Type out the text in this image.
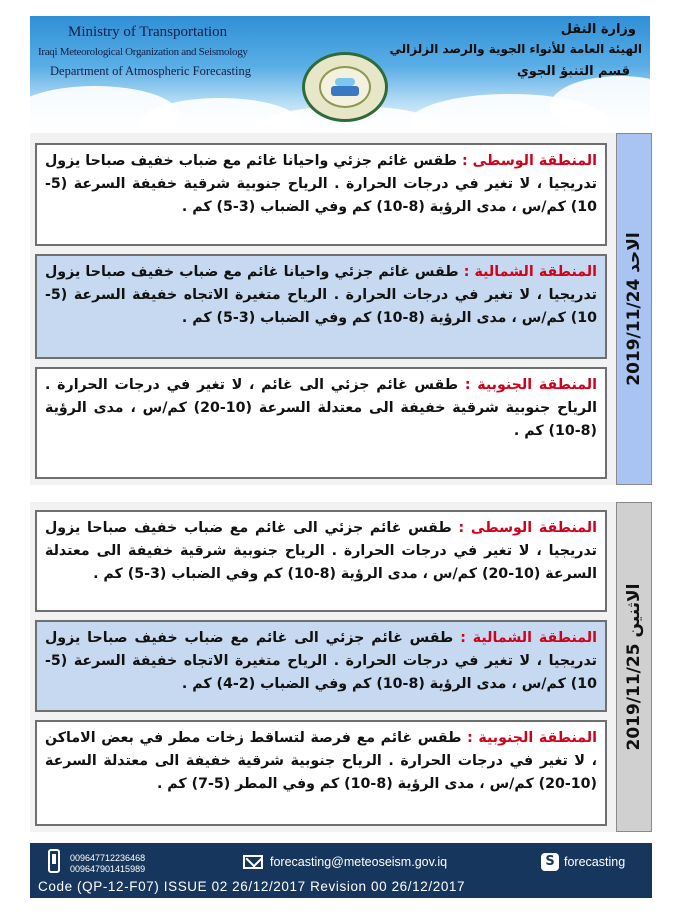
Ministry of Transportation
Iraqi Meteorological Organization and Seismology
Department of Atmospheric Forecasting
وزارة النقل
الهيئة العامة للأنواء الجوية والرصد الزلزالي
قسم التنبؤ الجوي
الاحد 2019/11/24
المنطقة الوسطى : طقس غائم جزئي واحيانا غائم مع ضباب خفيف صباحا يزول تدريجيا ، لا تغير في درجات الحرارة . الرياح جنوبية شرقية خفيفة السرعة (5-10) كم/س ، مدى الرؤية (8-10) كم وفي الضباب (3-5) كم .
المنطقة الشمالية : طقس غائم جزئي واحيانا غائم مع ضباب خفيف صباحا يزول تدريجيا ، لا تغير في درجات الحرارة . الرياح متغيرة الاتجاه خفيفة السرعة (5-10) كم/س ، مدى الرؤية (8-10) كم وفي الضباب (3-5) كم .
المنطقة الجنوبية : طقس غائم جزئي الى غائم ، لا تغير في درجات الحرارة . الرياح جنوبية شرقية خفيفة الى معتدلة السرعة (10-20) كم/س ، مدى الرؤية (8-10) كم .
الاثنين 2019/11/25
المنطقة الوسطى : طقس غائم جزئي الى غائم مع ضباب خفيف صباحا يزول تدريجيا ، لا تغير في درجات الحرارة . الرياح جنوبية شرقية خفيفة الى معتدلة السرعة (10-20) كم/س ، مدى الرؤية (8-10) كم وفي الضباب (3-5) كم .
المنطقة الشمالية : طقس غائم جزئي الى غائم مع ضباب خفيف صباحا يزول تدريجيا ، لا تغير في درجات الحرارة . الرياح متغيرة الاتجاه خفيفة السرعة (5-10) كم/س ، مدى الرؤية (8-10) كم وفي الضباب (2-4) كم .
المنطقة الجنوبية : طقس غائم مع فرصة لتساقط زخات مطر في بعض الاماكن ، لا تغير في درجات الحرارة . الرياح جنوبية شرقية خفيفة الى معتدلة السرعة (10-20) كم/س ، مدى الرؤية (8-10) كم وفي المطر (5-7) كم .
009647712236468
009647901415989	forecasting@meteoseism.gov.iq	S forecasting
Code (QP-12-F07) ISSUE 02 26/12/2017 Revision 00 26/12/2017
